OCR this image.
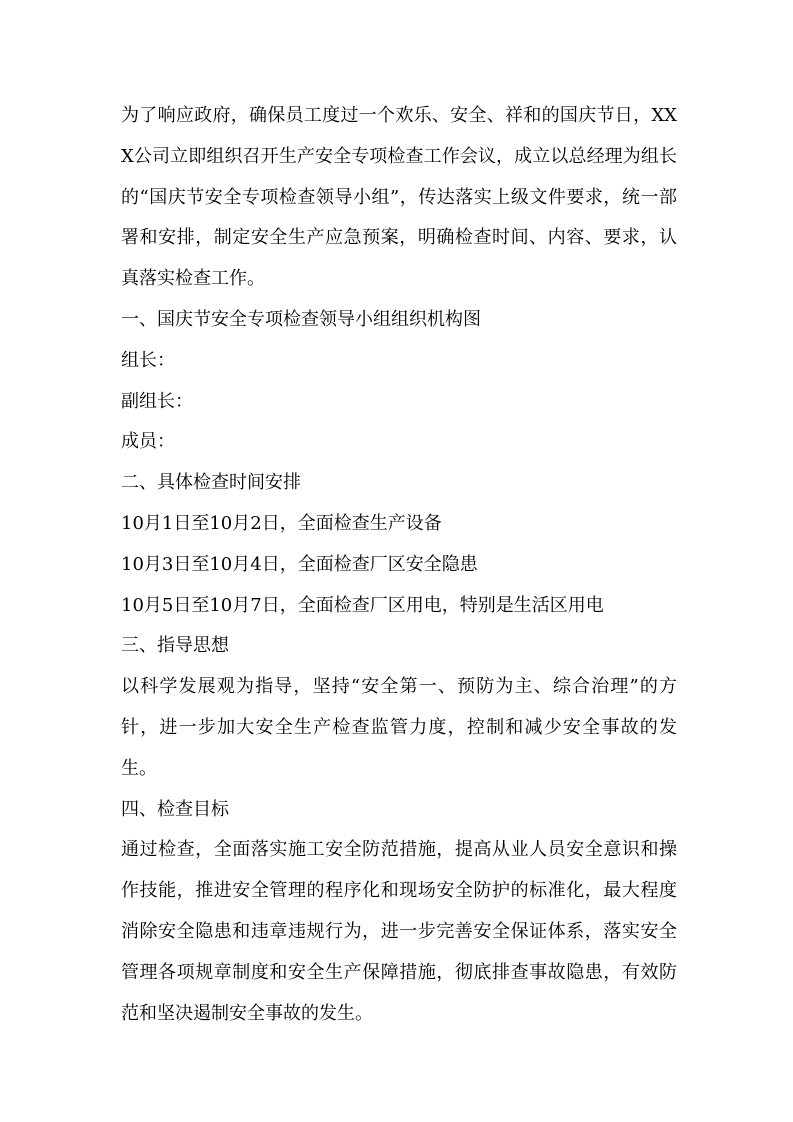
为了响应政府，确保员工度过一个欢乐、安全、祥和的国庆节日，XXX公司立即组织召开生产安全专项检查工作会议，成立以总经理为组长的“国庆节安全专项检查领导小组”，传达落实上级文件要求，统一部署和安排，制定安全生产应急预案，明确检查时间、内容、要求，认真落实检查工作。

一、国庆节安全专项检查领导小组组织机构图

组长：

副组长：

成员：

二、具体检查时间安排

10月1日至10月2日，全面检查生产设备

10月3日至10月4日，全面检查厂区安全隐患

10月5日至10月7日，全面检查厂区用电，特别是生活区用电

三、指导思想

以科学发展观为指导，坚持“安全第一、预防为主、综合治理”的方针，进一步加大安全生产检查监管力度，控制和减少安全事故的发生。

四、检查目标

通过检查，全面落实施工安全防范措施，提高从业人员安全意识和操作技能，推进安全管理的程序化和现场安全防护的标准化，最大程度消除安全隐患和违章违规行为，进一步完善安全保证体系，落实安全管理各项规章制度和安全生产保障措施，彻底排查事故隐患，有效防范和坚决遏制安全事故的发生。
